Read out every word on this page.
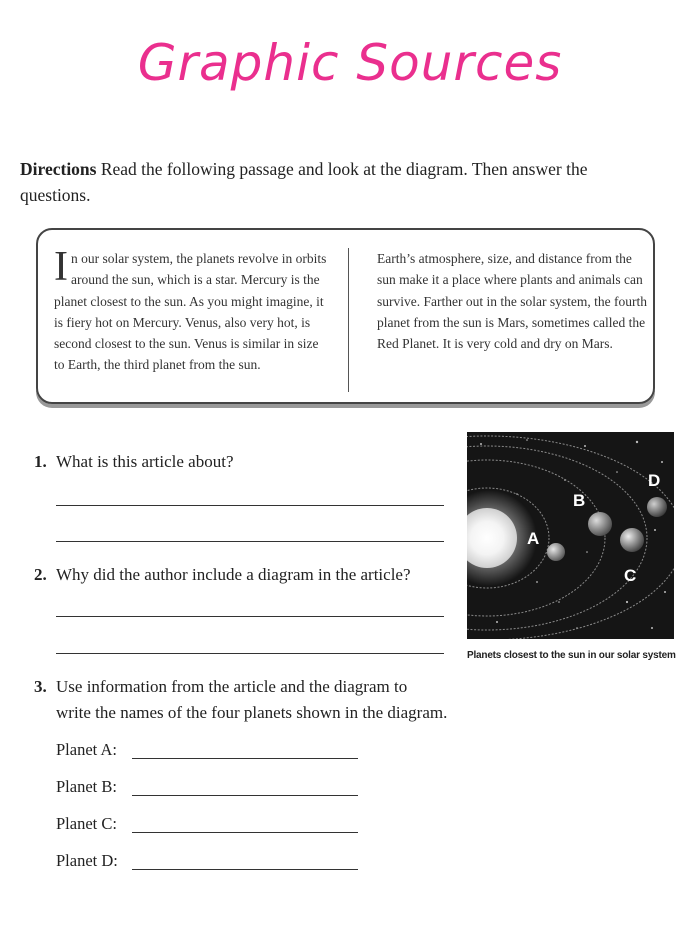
Graphic Sources
Directions Read the following passage and look at the diagram. Then answer the questions.
In our solar system, the planets revolve in orbits around the sun, which is a star. Mercury is the planet closest to the sun. As you might imagine, it is fiery hot on Mercury. Venus, also very hot, is second closest to the sun. Venus is similar in size to Earth, the third planet from the sun.
Earth’s atmosphere, size, and distance from the sun make it a place where plants and animals can survive. Farther out in the solar system, the fourth planet from the sun is Mars, sometimes called the Red Planet. It is very cold and dry on Mars.
1. What is this article about?
2. Why did the author include a diagram in the article?
3. Use information from the article and the diagram to
write the names of the four planets shown in the diagram.
Planet A:
Planet B:
Planet C:
Planet D:
A
B
C
D
Planets closest to the sun in our solar system
